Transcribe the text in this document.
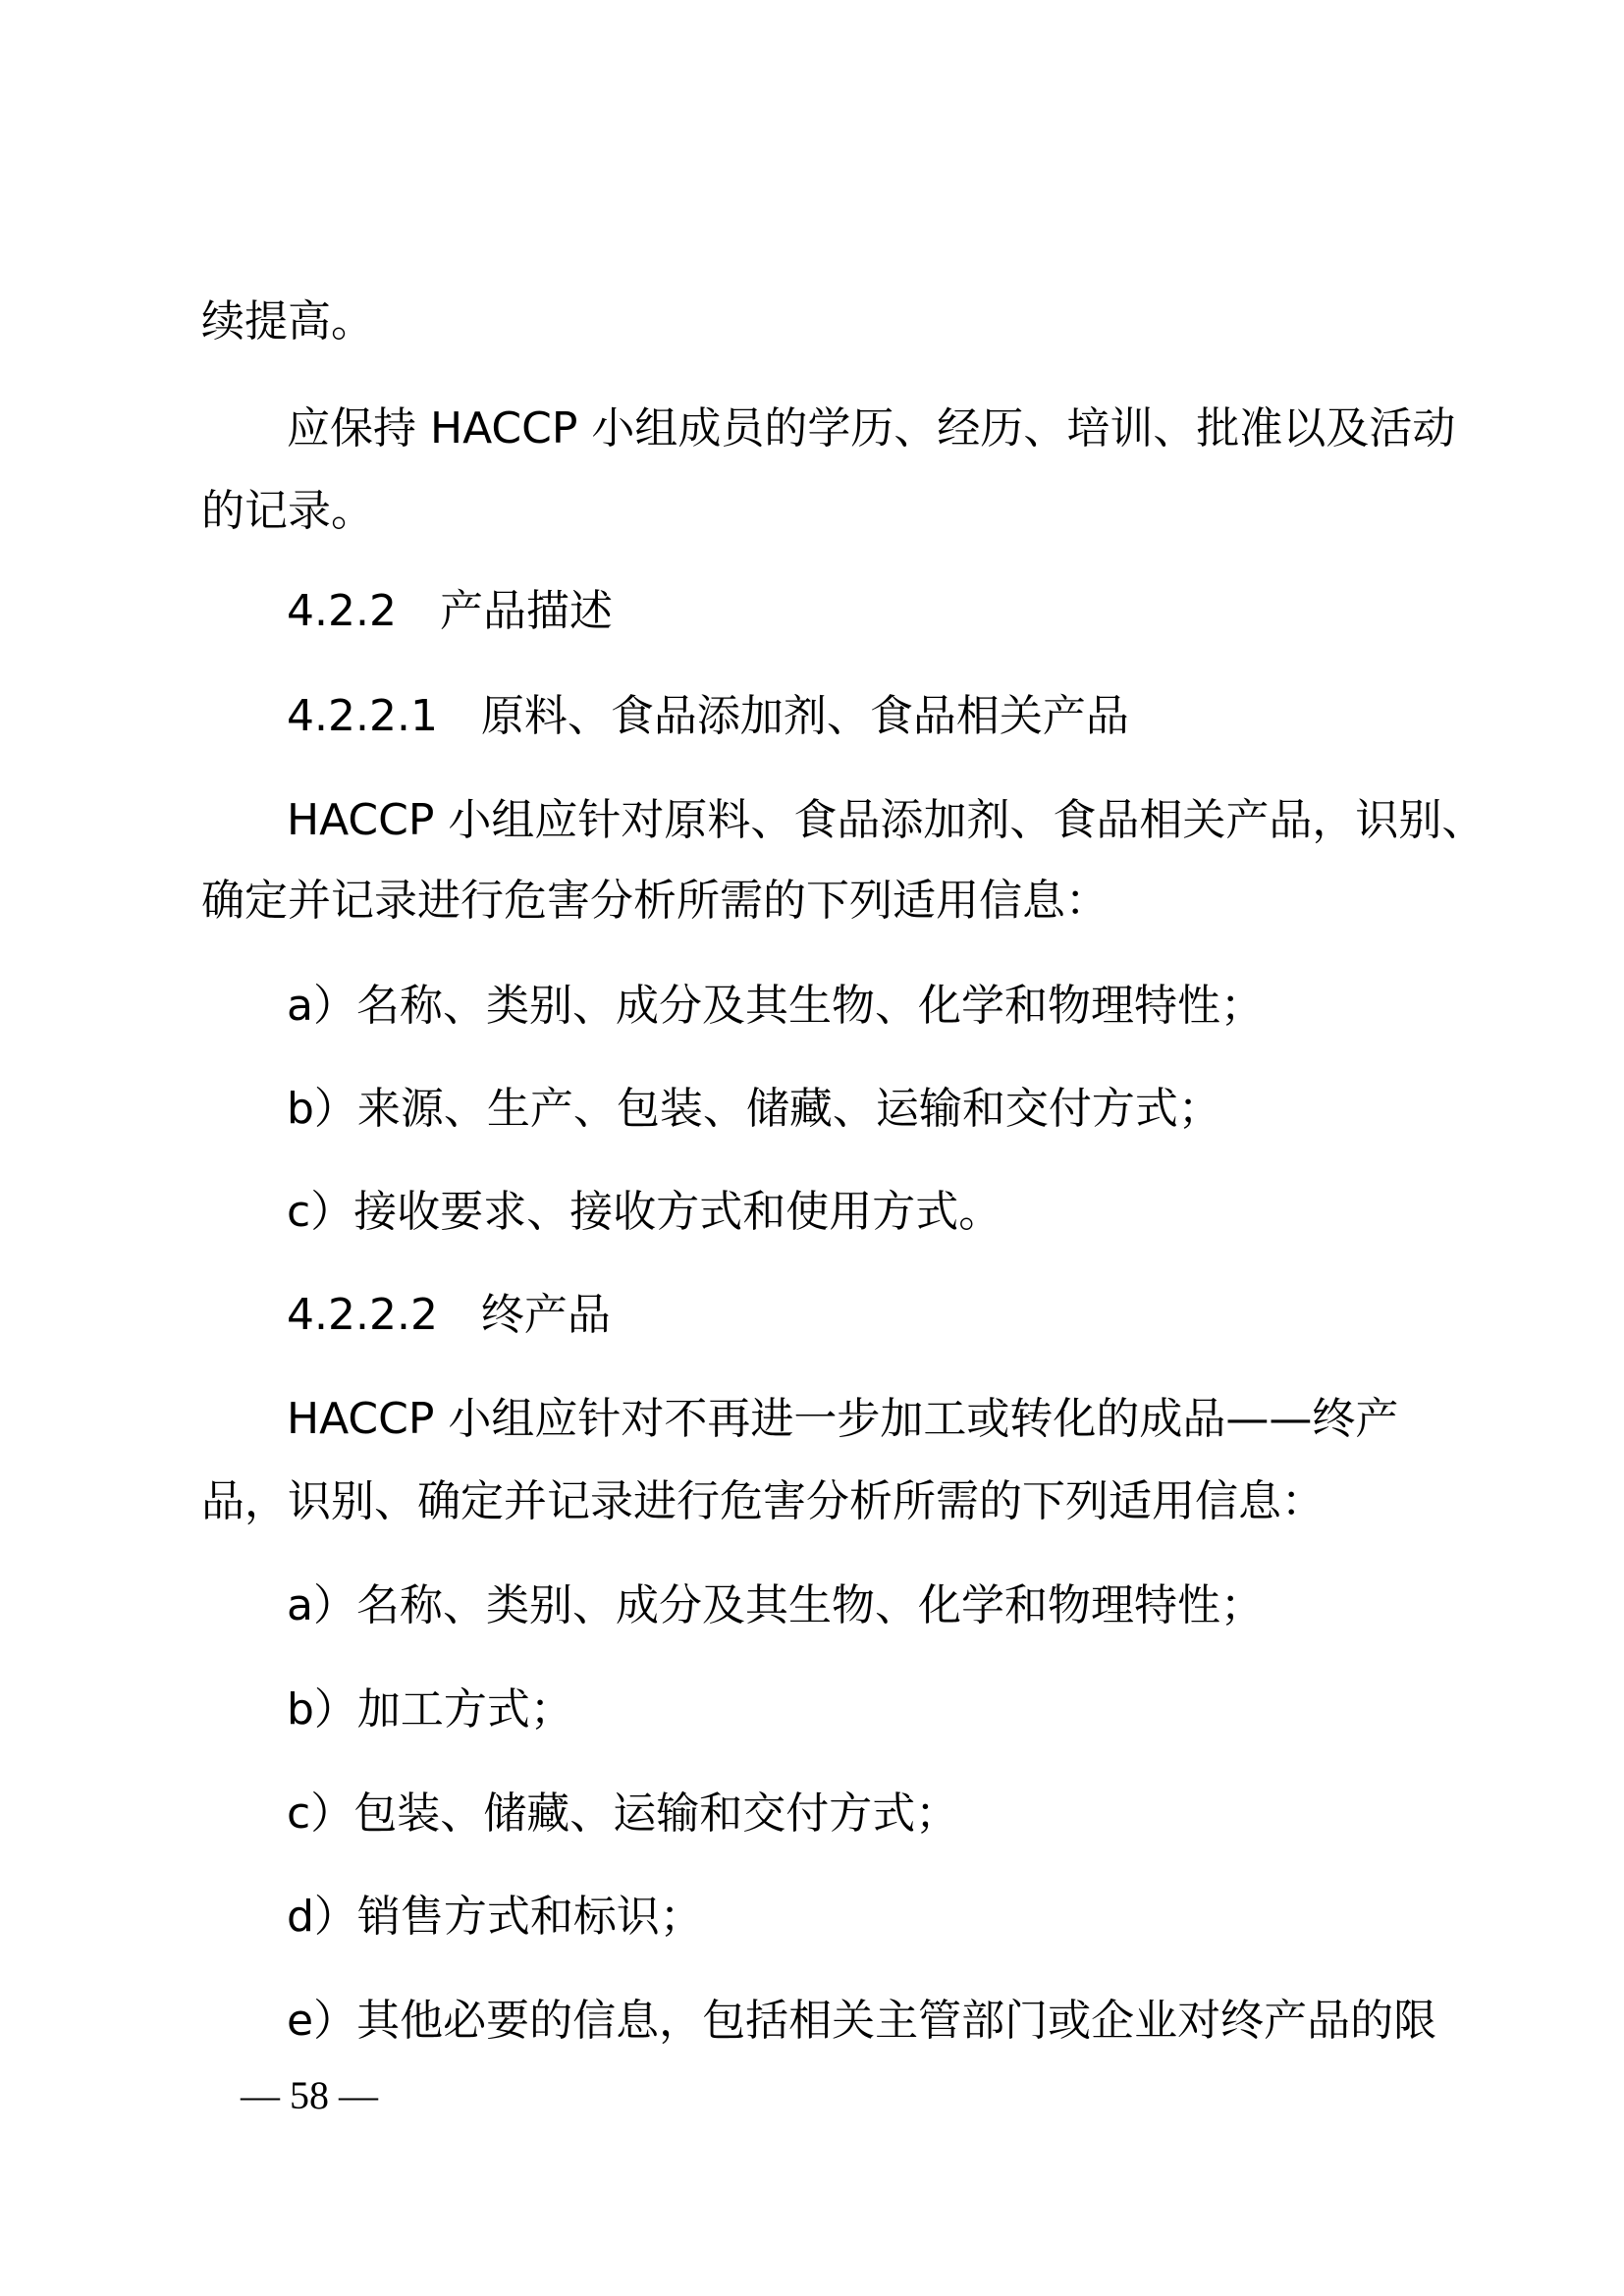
续提高。
应保持 HACCP 小组成员的学历、经历、培训、批准以及活动
的记录。
4.2.2　产品描述
4.2.2.1　原料、食品添加剂、食品相关产品
HACCP 小组应针对原料、食品添加剂、食品相关产品，识别、
确定并记录进行危害分析所需的下列适用信息：
a）名称、类别、成分及其生物、化学和物理特性；
b）来源、生产、包装、储藏、运输和交付方式；
c）接收要求、接收方式和使用方式。
4.2.2.2　终产品
HACCP 小组应针对不再进一步加工或转化的成品——终产
品，识别、确定并记录进行危害分析所需的下列适用信息：
a）名称、类别、成分及其生物、化学和物理特性；
b）加工方式；
c）包装、储藏、运输和交付方式；
d）销售方式和标识；
e）其他必要的信息，包括相关主管部门或企业对终产品的限
— 58 —
